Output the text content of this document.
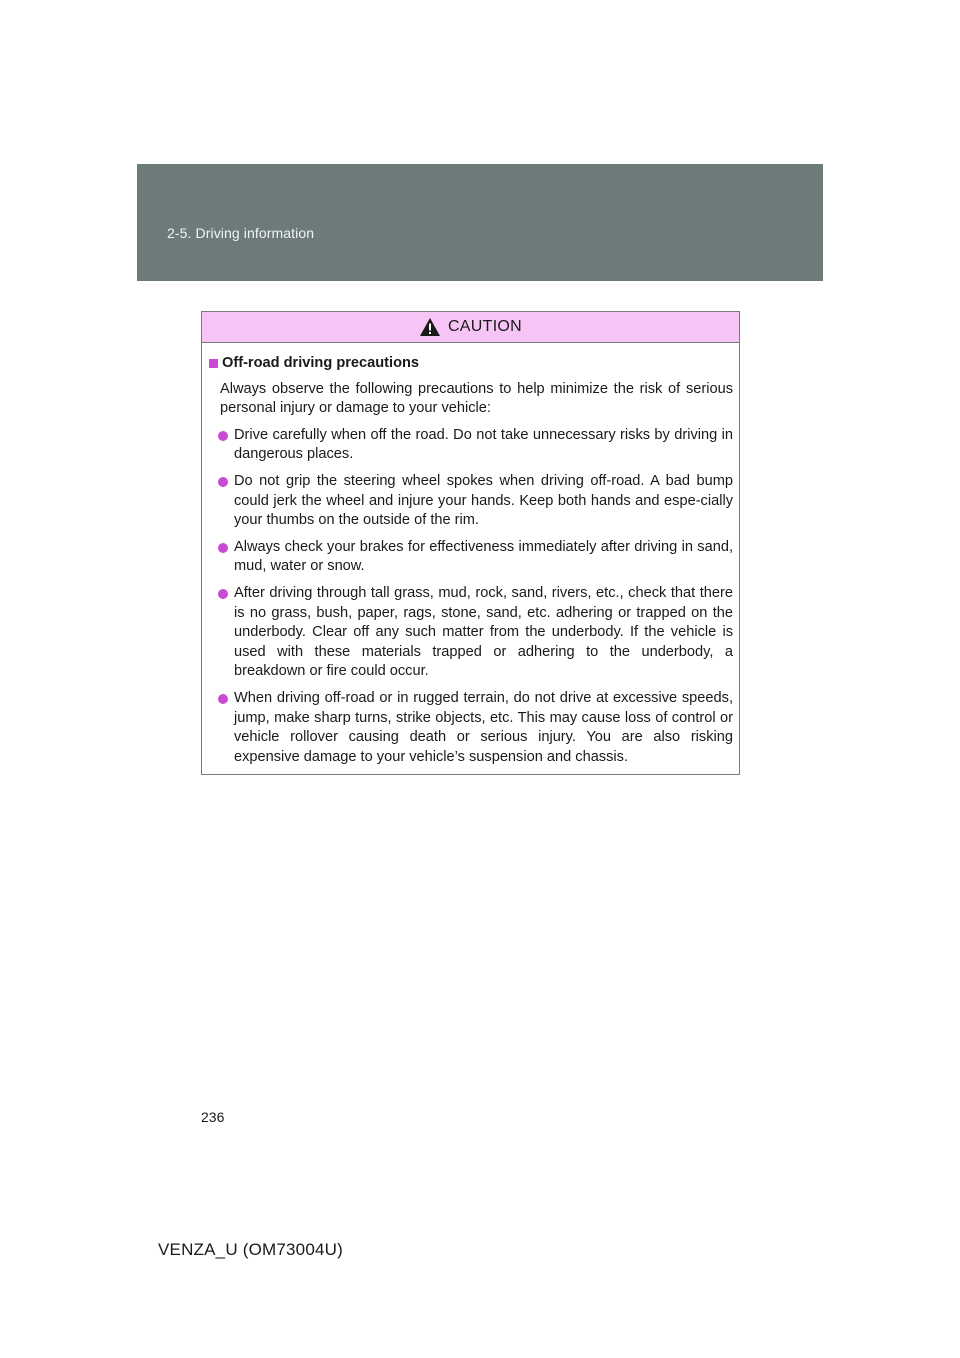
2-5. Driving information
CAUTION
Off-road driving precautions
Always observe the following precautions to help minimize the risk of serious personal injury or damage to your vehicle:
Drive carefully when off the road. Do not take unnecessary risks by driving in dangerous places.
Do not grip the steering wheel spokes when driving off-road. A bad bump could jerk the wheel and injure your hands. Keep both hands and espe-cially your thumbs on the outside of the rim.
Always check your brakes for effectiveness immediately after driving in sand, mud, water or snow.
After driving through tall grass, mud, rock, sand, rivers, etc., check that there is no grass, bush, paper, rags, stone, sand, etc. adhering or trapped on the underbody. Clear off any such matter from the underbody. If the vehicle is used with these materials trapped or adhering to the underbody, a breakdown or fire could occur.
When driving off-road or in rugged terrain, do not drive at excessive speeds, jump, make sharp turns, strike objects, etc. This may cause loss of control or vehicle rollover causing death or serious injury. You are also risking expensive damage to your vehicle’s suspension and chassis.
236
VENZA_U (OM73004U)
